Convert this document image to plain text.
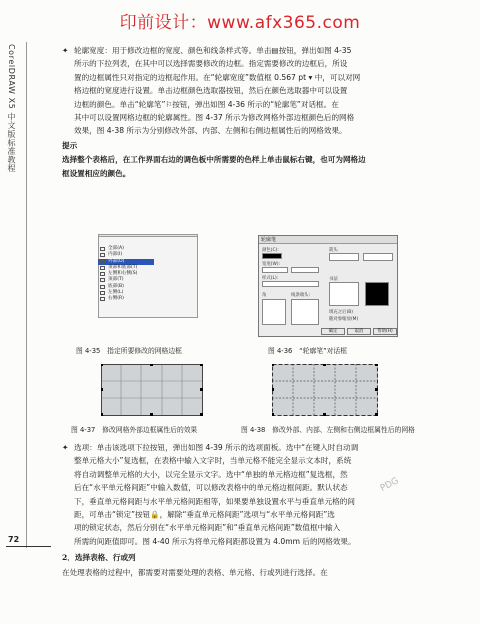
印前设计：www.afx365.com
CorelDRAW X5 中文版标准教程	✦ 轮廓宽度：用于修改边框的宽度、颜色和线条样式等。单击▤按钮，弹出如图 4-35
所示的下拉列表，在其中可以选择需要修改的边框。指定需要修改的边框后，所设
置的边框属性只对指定的边框起作用。在“轮廓宽度”数值框 0.567 pt ▾ 中，可以对网
格边框的宽度进行设置。单击边框颜色选取器按钮，然后在颜色选取器中可以设置
边框的颜色。单击“轮廓笔”⚐按钮，弹出如图 4-36 所示的“轮廓笔”对话框。在
其中可以设置网格边框的轮廓属性。图 4-37 所示为修改网格外部边框颜色后的网格
效果，图 4-38 所示为分别修改外部、内部、左侧和右侧边框属性后的网格效果。

提示

选择整个表格后，在工作界面右边的调色板中所需要的色样上单击鼠标右键，也可为网格边
框设置相应的颜色。

全部(A)
内部(I)
外部(O)
顶部和底部(T)
左侧和右侧(S)
顶部(T)
底部(B)
左侧(L)
右侧(R)
图 4-35　指定所要修改的网格边框
轮廓笔
颜色(C):
宽度(W):
样式(L):
角	线条端头:
箭头
书法
填充之后(B)
随对象缩放(M)
确定	取消	帮助(H)
图 4-36　“轮廓笔”对话框
图 4-37　修改网格外部边框属性后的效果	图 4-38　修改外部、内部、左侧和右侧边框属性后的网格

✦ 选项：单击该选项下拉按钮，弹出如图 4-39 所示的选项面板。选中“在键入时自动调
整单元格大小”复选框，在表格中输入文字时，当单元格不能完全显示文本时，系统
将自动调整单元格的大小，以完全显示文字。选中“单独的单元格边框”复选框，然
后在“水平单元格间距”中输入数值，可以修改表格中的单元格边框间距。默认状态
下，垂直单元格间距与水平单元格间距相等，如果要单独设置水平与垂直单元格的间
距，可单击“锁定”按钮🔒，解除“垂直单元格间距”选项与“水平单元格间距”选
项的锁定状态，然后分别在“水平单元格间距”和“垂直单元格间距”数值框中输入
所需的间距值即可。图 4-40 所示为将单元格间距都设置为 4.0mm 后的网格效果。

2．选择表格、行或列

在处理表格的过程中，都需要对需要处理的表格、单元格、行或列进行选择。在

PDG
72
